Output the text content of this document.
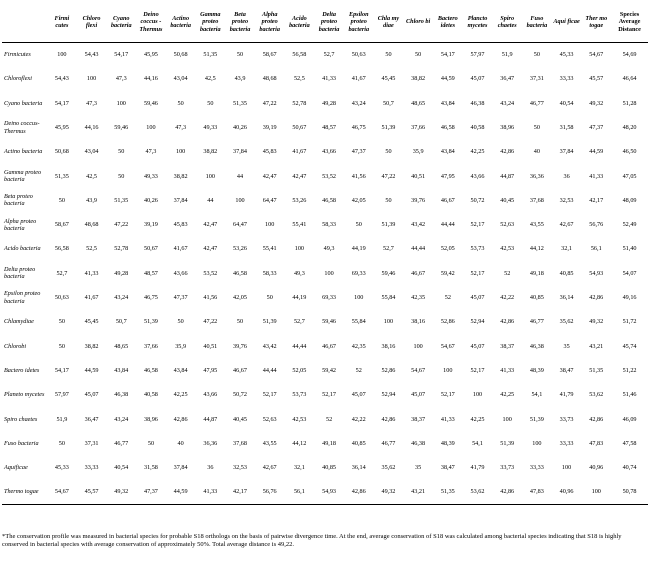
	Firmi cutes	Chloro flexi	Cyano bacteria	Deino coccus -Thermus	Actino bacteria	Gamma proteo bacteria	Beta proteo bacteria	Alpha proteo bacteria	Acido bacteria	Delta proteo bacteria	Epsilon proteo bacteria	Chla my diae	Chloro bi	Bactero idetes	Plancto mycetes	Spiro chaetes	Fuso bacteria	Aqui ficae	Ther mo togae	Species Average Distance
Firmicutes	100	54,43	54,17	45,95	50,68	51,35	50	58,67	56,58	52,7	50,63	50	50	54,17	57,97	51,9	50	45,33	54,67	54,69
Chloroflexi	54,43	100	47,3	44,16	43,04	42,5	43,9	48,68	52,5	41,33	41,67	45,45	38,82	44,59	45,07	36,47	37,31	33,33	45,57	46,64
Cyano bacteria	54,17	47,3	100	59,46	50	50	51,35	47,22	52,78	49,28	43,24	50,7	48,65	43,84	46,38	43,24	46,77	40,54	49,32	51,28
Deino coccus-Thermus	45,95	44,16	59,46	100	47,3	49,33	40,26	39,19	50,67	48,57	46,75	51,39	37,66	46,58	40,58	38,96	50	31,58	47,37	48,20
Actino bacteria	50,68	43,04	50	47,3	100	38,82	37,84	45,83	41,67	43,66	47,37	50	35,9	43,84	42,25	42,86	40	37,84	44,59	46,50
Gamma proteo bacteria	51,35	42,5	50	49,33	38,82	100	44	42,47	42,47	53,52	41,56	47,22	40,51	47,95	43,66	44,87	36,36	36	41,33	47,05
Beta proteo bacteria	50	43,9	51,35	40,26	37,84	44	100	64,47	53,26	46,58	42,05	50	39,76	46,67	50,72	40,45	37,68	32,53	42,17	48,09
Alpha proteo bacteria	58,67	48,68	47,22	39,19	45,83	42,47	64,47	100	55,41	58,33	50	51,39	43,42	44,44	52,17	52,63	43,55	42,67	56,76	52,49
Acido bacteria	56,58	52,5	52,78	50,67	41,67	42,47	53,26	55,41	100	49,3	44,19	52,7	44,44	52,05	53,73	42,53	44,12	32,1	56,1	51,40
Delta proteo bacteria	52,7	41,33	49,28	48,57	43,66	53,52	46,58	58,33	49,3	100	69,33	59,46	46,67	59,42	52,17	52	49,18	40,85	54,93	54,07
Epsilon proteo bacteria	50,63	41,67	43,24	46,75	47,37	41,56	42,05	50	44,19	69,33	100	55,84	42,35	52	45,07	42,22	40,85	36,14	42,86	49,16
Chlamydiae	50	45,45	50,7	51,39	50	47,22	50	51,39	52,7	59,46	55,84	100	38,16	52,86	52,94	42,86	46,77	35,62	49,32	51,72
Chlorobi	50	38,82	48,65	37,66	35,9	40,51	39,76	43,42	44,44	46,67	42,35	38,16	100	54,67	45,07	38,37	46,38	35	43,21	45,74
Bactero idetes	54,17	44,59	43,84	46,58	43,84	47,95	46,67	44,44	52,05	59,42	52	52,86	54,67	100	52,17	41,33	48,39	38,47	51,35	51,22
Planeto mycetes	57,97	45,07	46,38	40,58	42,25	43,66	50,72	52,17	53,73	52,17	45,07	52,94	45,07	52,17	100	42,25	54,1	41,79	53,62	51,46
Spiro chaetes	51,9	36,47	43,24	38,96	42,86	44,87	40,45	52,63	42,53	52	42,22	42,86	38,37	41,33	42,25	100	51,39	33,73	42,86	46,09
Fuso bacteria	50	37,31	46,77	50	40	36,36	37,68	43,55	44,12	49,18	40,85	46,77	46,38	48,39	54,1	51,39	100	33,33	47,83	47,58
Aquificae	45,33	33,33	40,54	31,58	37,84	36	32,53	42,67	32,1	40,85	36,14	35,62	35	38,47	41,79	33,73	33,33	100	40,96	40,74
Thermo togae	54,67	45,57	49,32	47,37	44,59	41,33	42,17	56,76	56,1	54,93	42,86	49,32	43,21	51,35	53,62	42,86	47,83	40,96	100	50,78
*The conservation profile was measured in bacterial species for probable S18 orthologs on the basis of pairwise divergence time. At the end, average conservation of S18 was calculated among bacterial species indicating that S18 is highly conserved in bacterial species with average conservation of approximately 50%. Total average distance is 49,22.
